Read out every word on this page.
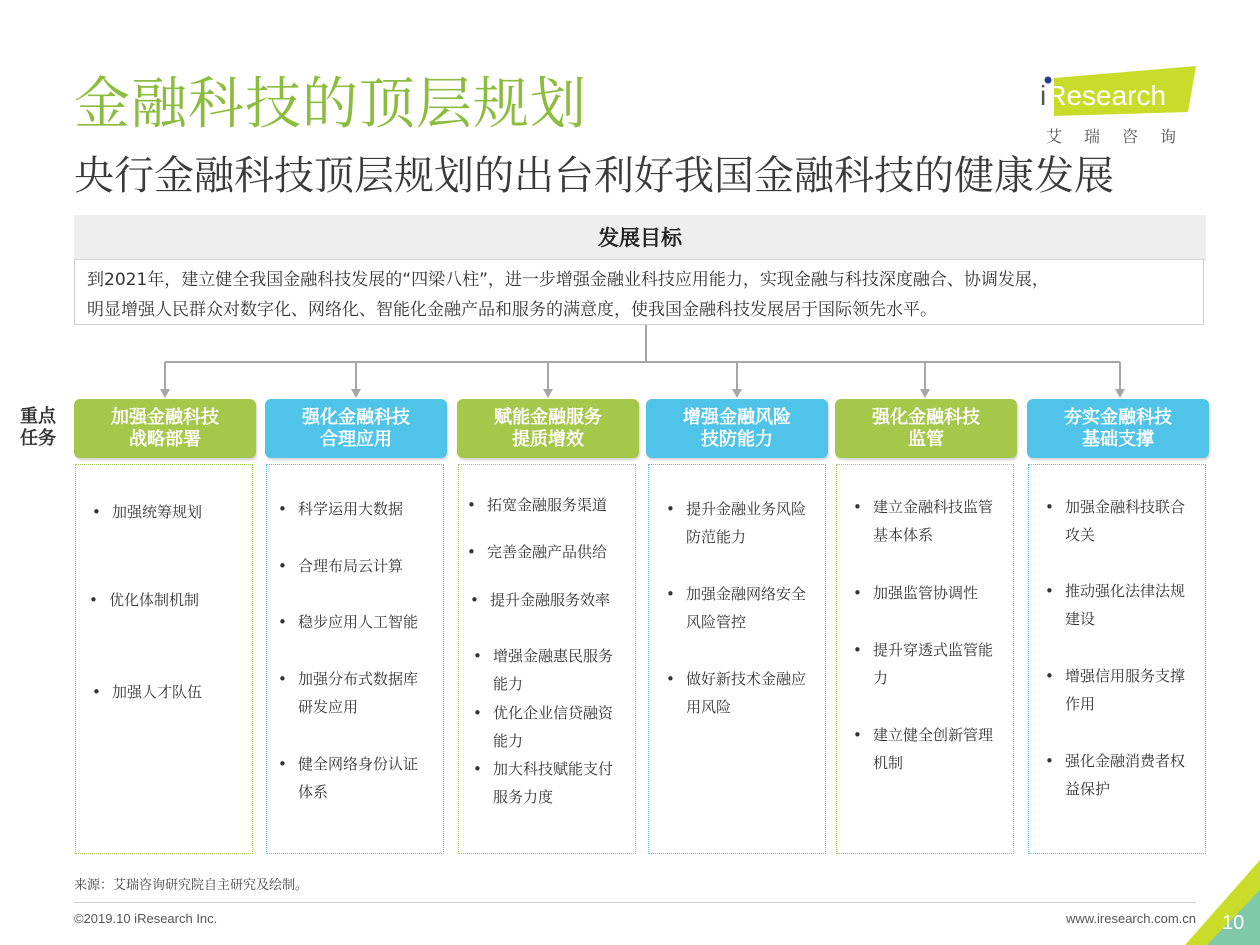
金融科技的顶层规划
央行金融科技顶层规划的出台利好我国金融科技的健康发展
iResearch
艾瑞咨询
发展目标
到2021年，建立健全我国金融科技发展的“四梁八柱”，进一步增强金融业科技应用能力，实现金融与科技深度融合、协调发展，
明显增强人民群众对数字化、网络化、智能化金融产品和服务的满意度，使我国金融科技发展居于国际领先水平。
重点
任务
加强金融科技
战略部署
• 加强统筹规划
• 优化体制机制
• 加强人才队伍
强化金融科技
合理应用
• 科学运用大数据
• 合理布局云计算
• 稳步应用人工智能
• 加强分布式数据库
研发应用
• 健全网络身份认证
体系
赋能金融服务
提质增效
• 拓宽金融服务渠道
• 完善金融产品供给
• 提升金融服务效率
• 增强金融惠民服务
能力
• 优化企业信贷融资
能力
• 加大科技赋能支付
服务力度
增强金融风险
技防能力
• 提升金融业务风险
防范能力
• 加强金融网络安全
风险管控
• 做好新技术金融应
用风险
强化金融科技
监管
• 建立金融科技监管
基本体系
• 加强监管协调性
• 提升穿透式监管能
力
• 建立健全创新管理
机制
夯实金融科技
基础支撑
• 加强金融科技联合
攻关
• 推动强化法律法规
建设
• 增强信用服务支撑
作用
• 强化金融消费者权
益保护
来源：艾瑞咨询研究院自主研究及绘制。
©2019.10 iResearch Inc.	www.iresearch.com.cn 10
